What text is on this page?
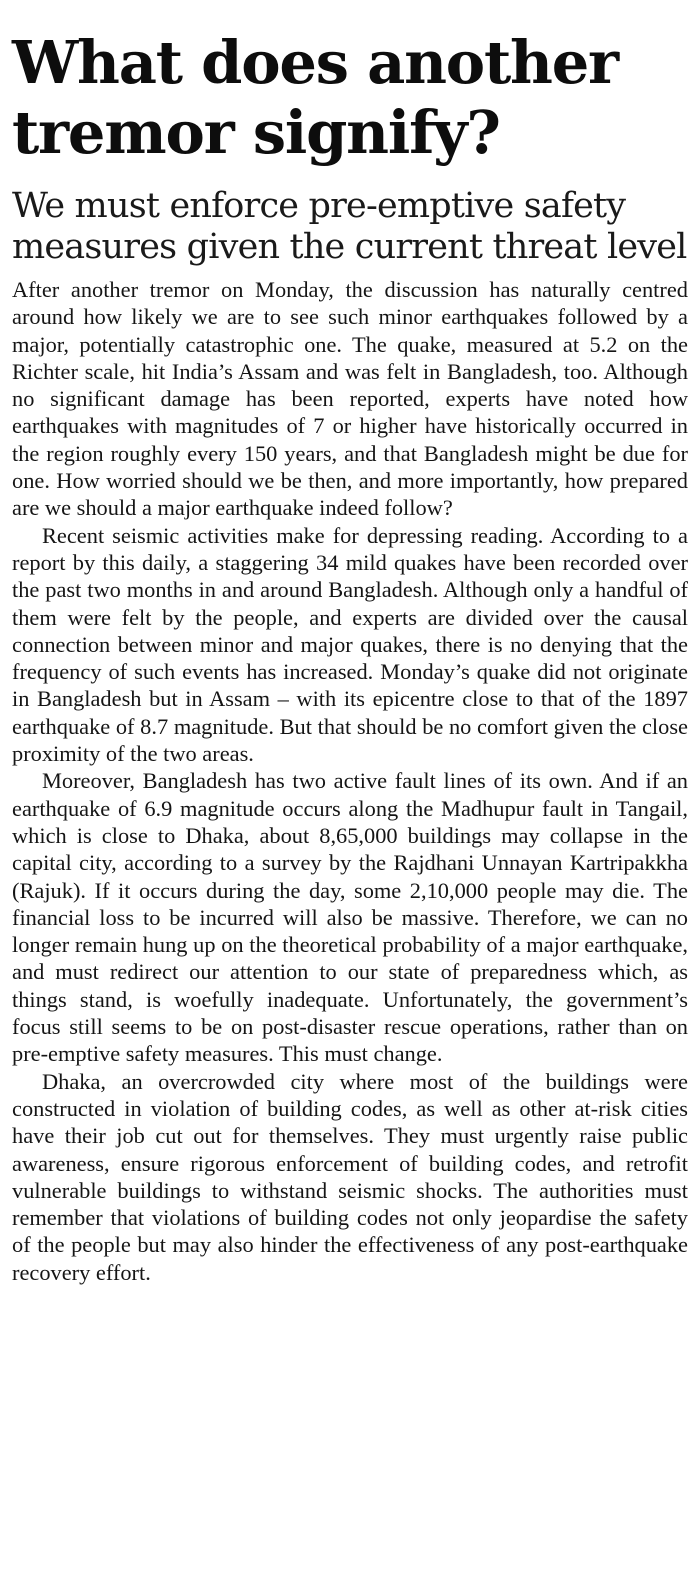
What does another tremor signify?
We must enforce pre-emptive safety measures given the current threat level

After another tremor on Monday, the discussion has naturally centred around how likely we are to see such minor earthquakes followed by a major, potentially catastrophic one. The quake, measured at 5.2 on the Richter scale, hit India’s Assam and was felt in Bangladesh, too. Although no significant damage has been reported, experts have noted how earthquakes with magnitudes of 7 or higher have historically occurred in the region roughly every 150 years, and that Bangladesh might be due for one. How worried should we be then, and more importantly, how prepared are we should a major earthquake indeed follow?

Recent seismic activities make for depressing reading. According to a report by this daily, a staggering 34 mild quakes have been recorded over the past two months in and around Bangladesh. Although only a handful of them were felt by the people, and experts are divided over the causal connection between minor and major quakes, there is no denying that the frequency of such events has increased. Monday’s quake did not originate in Bangladesh but in Assam – with its epicentre close to that of the 1897 earthquake of 8.7 magnitude. But that should be no comfort given the close proximity of the two areas.

Moreover, Bangladesh has two active fault lines of its own. And if an earthquake of 6.9 magnitude occurs along the Madhupur fault in Tangail, which is close to Dhaka, about 8,65,000 buildings may collapse in the capital city, according to a survey by the Rajdhani Unnayan Kartripakkha (Rajuk). If it occurs during the day, some 2,10,000 people may die. The financial loss to be incurred will also be massive. Therefore, we can no longer remain hung up on the theoretical probability of a major earthquake, and must redirect our attention to our state of preparedness which, as things stand, is woefully inadequate. Unfortunately, the government’s focus still seems to be on post-disaster rescue operations, rather than on pre-emptive safety measures. This must change.

Dhaka, an overcrowded city where most of the buildings were constructed in violation of building codes, as well as other at-risk cities have their job cut out for themselves. They must urgently raise public awareness, ensure rigorous enforcement of building codes, and retrofit vulnerable buildings to withstand seismic shocks. The authorities must remember that violations of building codes not only jeopardise the safety of the people but may also hinder the effectiveness of any post-earthquake recovery effort.
